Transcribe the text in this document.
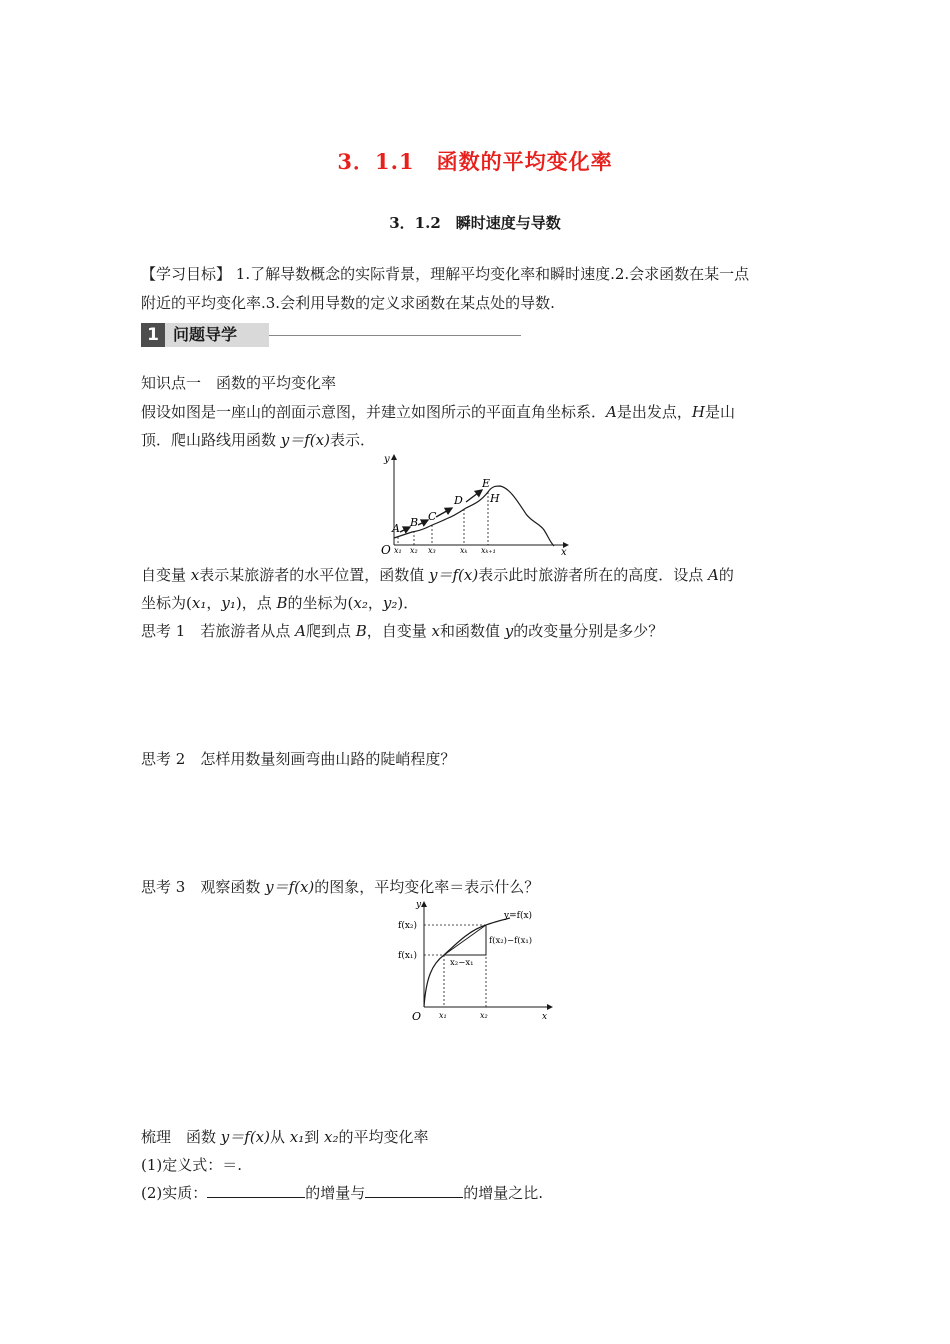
3．1.1　函数的平均变化率
3．1.2　瞬时速度与导数
【学习目标】 1.了解导数概念的实际背景，理解平均变化率和瞬时速度.2.会求函数在某一点
附近的平均变化率.3.会利用导数的定义求函数在某点处的导数.
1 问题导学
知识点一　函数的平均变化率
假设如图是一座山的剖面示意图，并建立如图所示的平面直角坐标系．A是出发点，H是山
顶．爬山路线用函数 y＝f(x)表示．
O
y
x
A B C
D
E
H
x₁ x₂ x₃	xₖ xₖ₊₁
自变量 x表示某旅游者的水平位置，函数值 y＝f(x)表示此时旅游者所在的高度．设点 A的
坐标为(x₁，y₁)，点 B的坐标为(x₂，y₂)．
思考 1　若旅游者从点 A爬到点 B，自变量 x和函数值 y的改变量分别是多少？
思考 2　怎样用数量刻画弯曲山路的陡峭程度？
思考 3　观察函数 y＝f(x)的图象，平均变化率＝表示什么？
O
y
x
y=f(x)
f(x₂)
f(x₁)
f(x₂)−f(x₁)
x₂−x₁
x₁	x₂
梳理　函数 y＝f(x)从 x₁到 x₂的平均变化率
(1)定义式：＝.
(2)实质：	的增量与	的增量之比.
